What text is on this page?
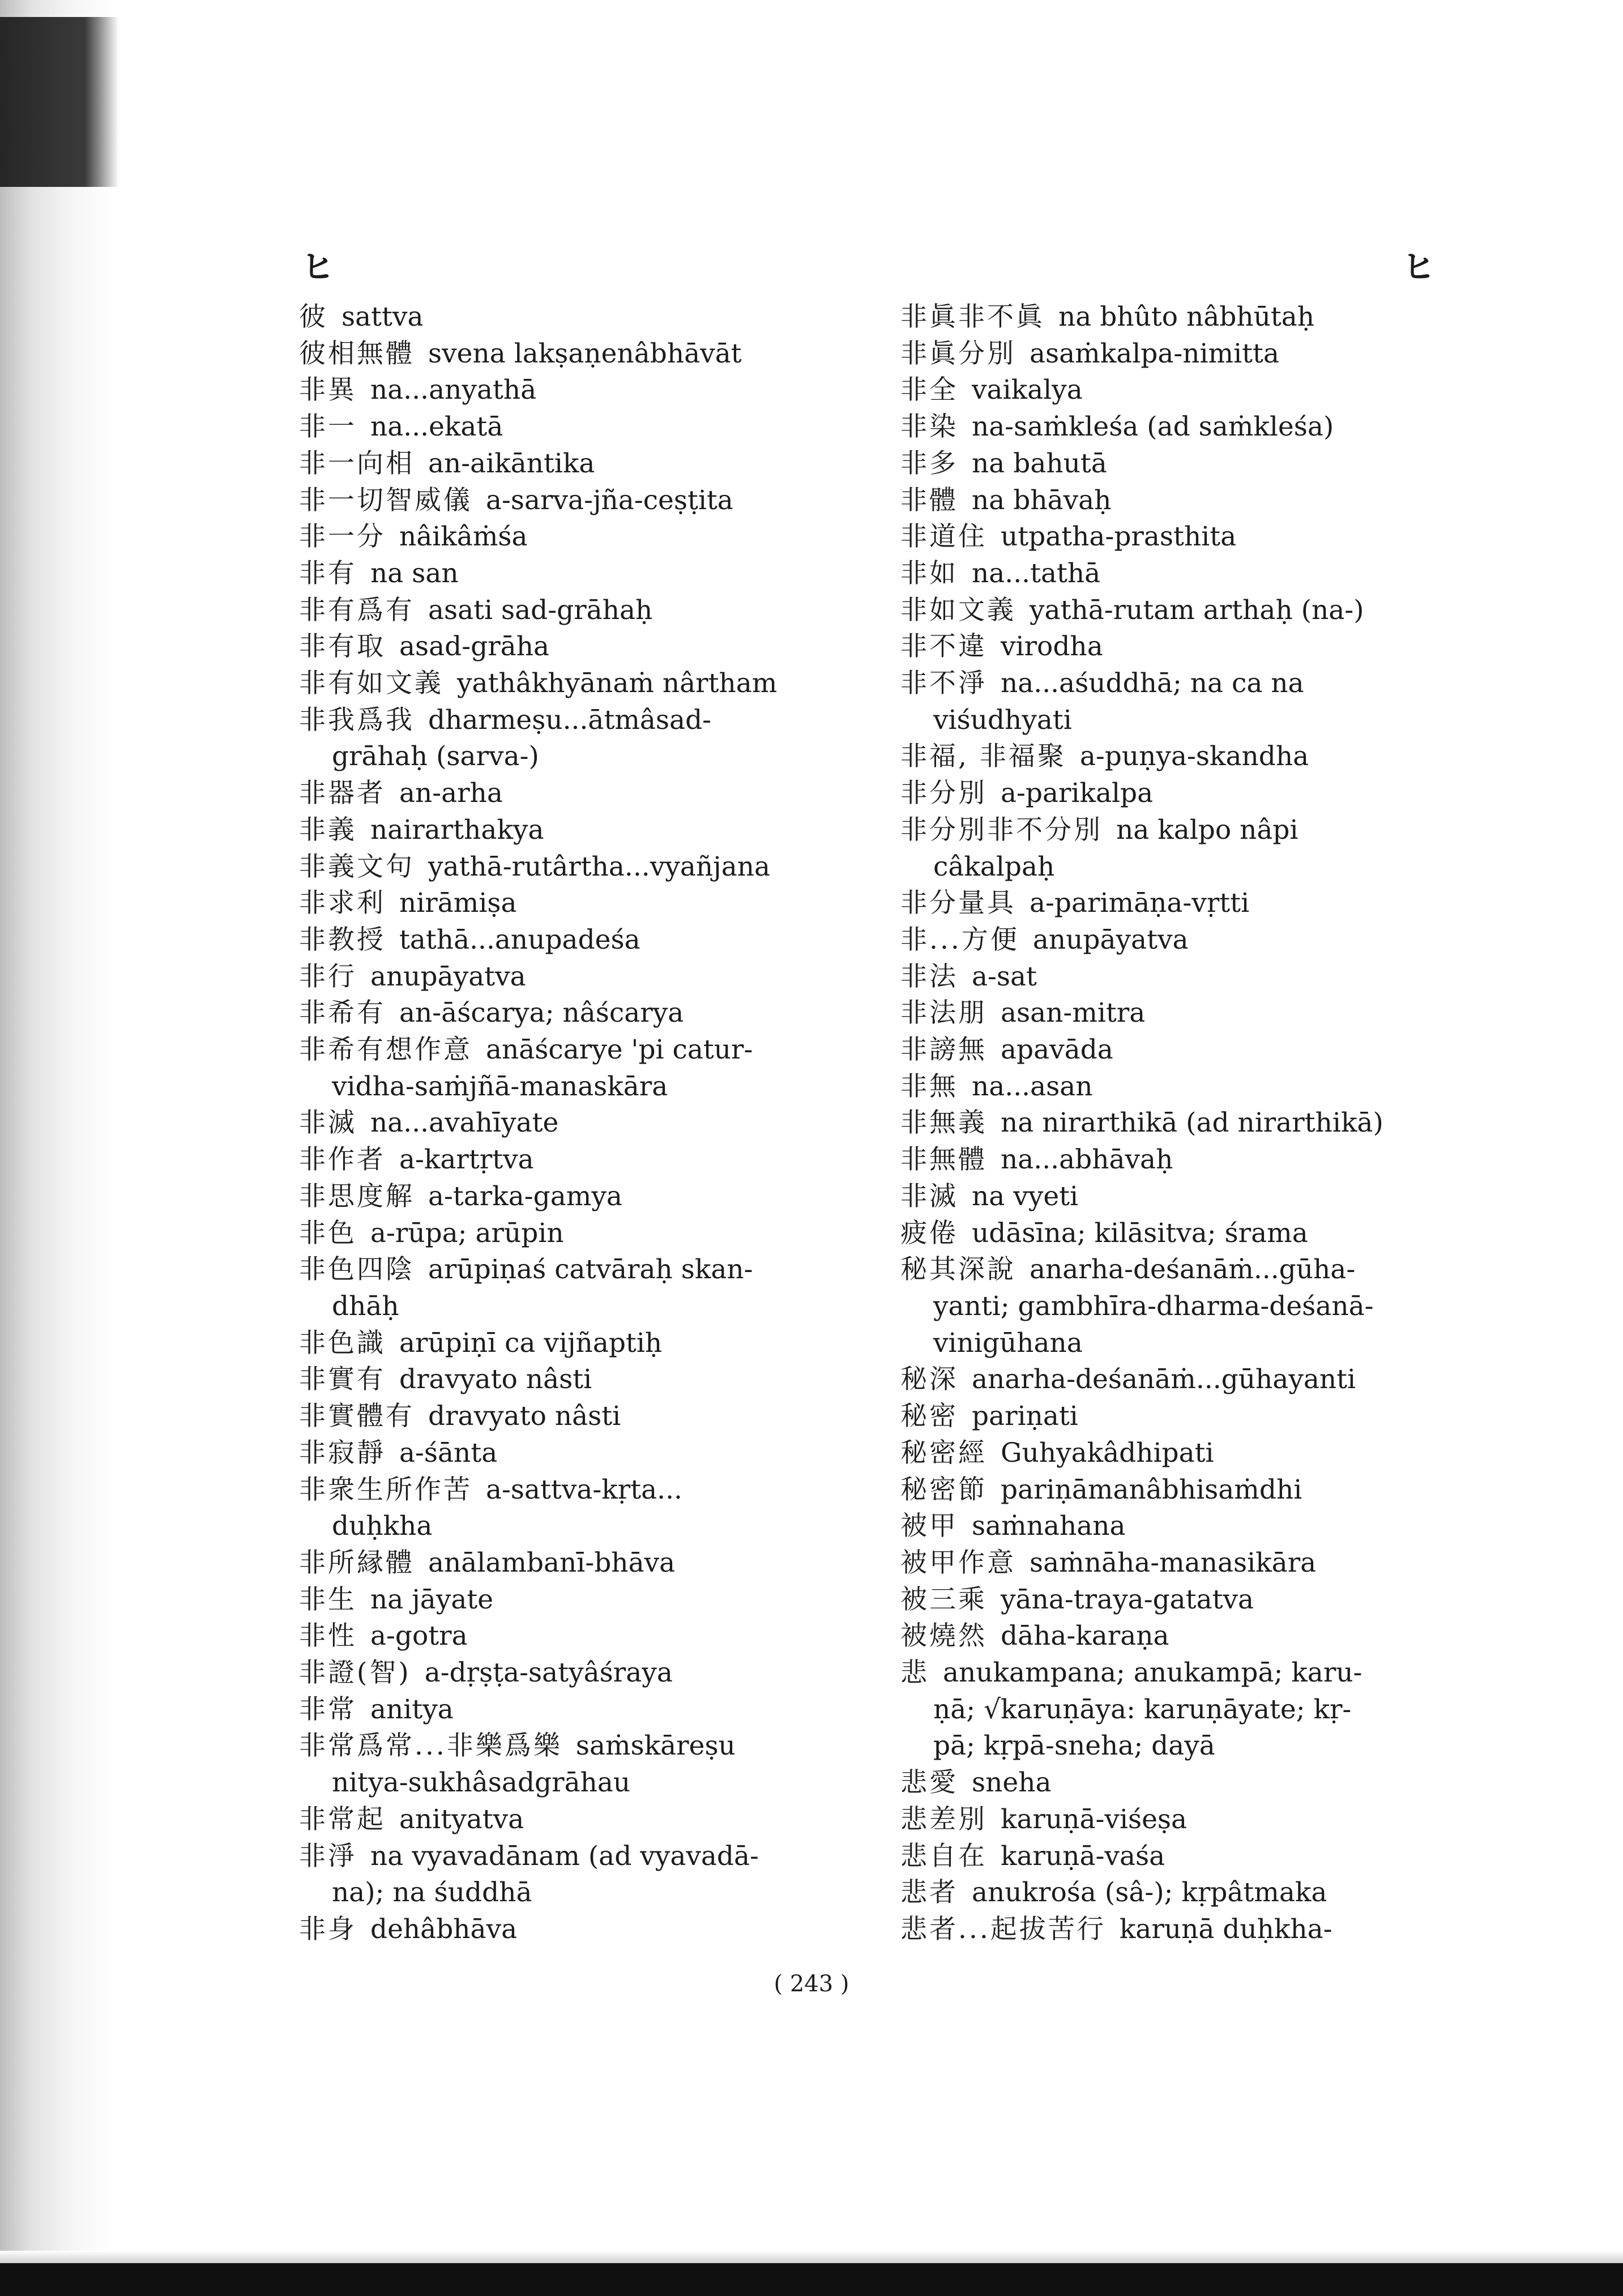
ヒ	ヒ
彼 sattva
彼相無體 svena lakṣaṇenâbhāvāt
非異 na...anyathā
非一 na...ekatā
非一向相 an-aikāntika
非一切智威儀 a-sarva-jña-ceṣṭita
非一分 nâikâṁśa
非有 na san
非有爲有 asati sad-grāhaḥ
非有取 asad-grāha
非有如文義 yathâkhyānaṁ nârtham
非我爲我 dharmeṣu...ātmâsad-
grāhaḥ (sarva-)
非器者 an-arha
非義 nairarthakya
非義文句 yathā-rutârtha...vyañjana
非求利 nirāmiṣa
非教授 tathā...anupadeśa
非行 anupāyatva
非希有 an-āścarya; nâścarya
非希有想作意 anāścarye 'pi catur-
vidha-saṁjñā-manaskāra
非滅 na...avahīyate
非作者 a-kartṛtva
非思度解 a-tarka-gamya
非色 a-rūpa; arūpin
非色四陰 arūpiṇaś catvāraḥ skan-
dhāḥ
非色識 arūpiṇī ca vijñaptiḥ
非實有 dravyato nâsti
非實體有 dravyato nâsti
非寂靜 a-śānta
非衆生所作苦 a-sattva-kṛta...
duḥkha
非所縁體 anālambanī-bhāva
非生 na jāyate
非性 a-gotra
非證(智) a-dṛṣṭa-satyâśraya
非常 anitya
非常爲常...非樂爲樂 saṁskāreṣu
nitya-sukhâsadgrāhau
非常起 anityatva
非淨 na vyavadānam (ad vyavadā-
na); na śuddhā
非身 dehâbhāva
非眞非不眞 na bhûto nâbhūtaḥ
非眞分別 asaṁkalpa-nimitta
非全 vaikalya
非染 na-saṁkleśa (ad saṁkleśa)
非多 na bahutā
非體 na bhāvaḥ
非道住 utpatha-prasthita
非如 na...tathā
非如文義 yathā-rutam arthaḥ (na-)
非不違 virodha
非不淨 na...aśuddhā; na ca na
viśudhyati
非福, 非福聚 a-puṇya-skandha
非分別 a-parikalpa
非分別非不分別 na kalpo nâpi
câkalpaḥ
非分量具 a-parimāṇa-vṛtti
非...方便 anupāyatva
非法 a-sat
非法朋 asan-mitra
非謗無 apavāda
非無 na...asan
非無義 na nirarthikā (ad nirarthikā)
非無體 na...abhāvaḥ
非滅 na vyeti
疲倦 udāsīna; kilāsitva; śrama
秘其深說 anarha-deśanāṁ...gūha-
yanti; gambhīra-dharma-deśanā-
vinigūhana
秘深 anarha-deśanāṁ...gūhayanti
秘密 pariṇati
秘密經 Guhyakâdhipati
秘密節 pariṇāmanâbhisaṁdhi
被甲 saṁnahana
被甲作意 saṁnāha-manasikāra
被三乘 yāna-traya-gatatva
被燒然 dāha-karaṇa
悲 anukampana; anukampā; karu-
ṇā; √karuṇāya: karuṇāyate; kṛ-
pā; kṛpā-sneha; dayā
悲愛 sneha
悲差別 karuṇā-viśeṣa
悲自在 karuṇā-vaśa
悲者 anukrośa (sâ-); kṛpâtmaka
悲者...起拔苦行 karuṇā duḥkha-
( 243 )
